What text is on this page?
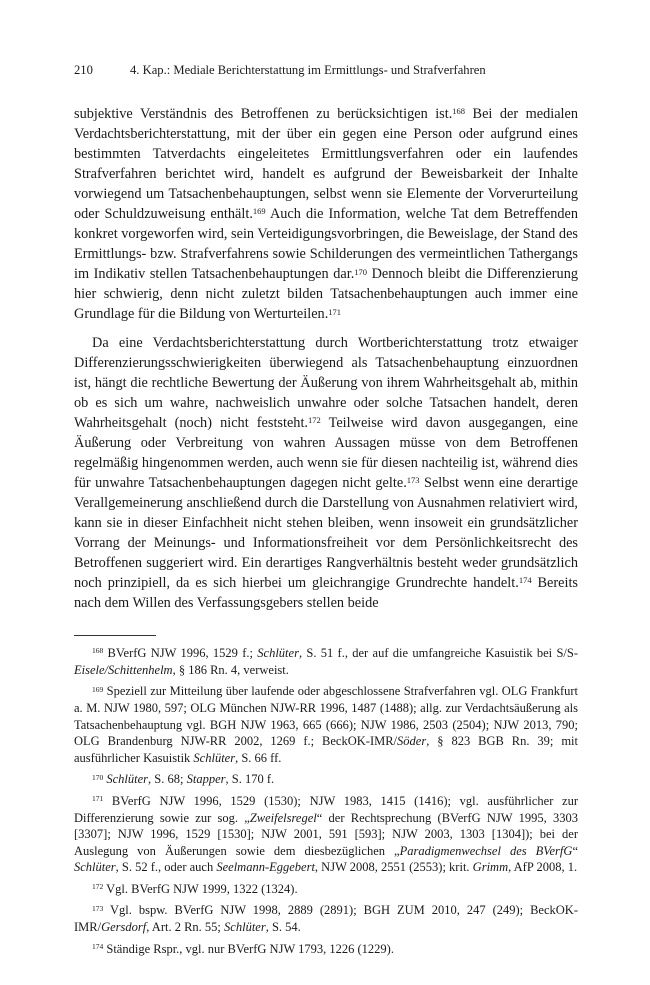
210	4. Kap.: Mediale Berichterstattung im Ermittlungs- und Strafverfahren

subjektive Verständnis des Betroffenen zu berücksichtigen ist.$^{168}$ Bei der medialen Verdachtsberichterstattung, mit der über ein gegen eine Person oder aufgrund eines bestimmten Tatverdachts eingeleitetes Ermittlungsverfahren oder ein laufendes Strafverfahren berichtet wird, handelt es aufgrund der Beweisbarkeit der Inhalte vorwiegend um Tatsachenbehauptungen, selbst wenn sie Elemente der Vorverurteilung oder Schuldzuweisung enthält.$^{169}$ Auch die Information, welche Tat dem Betreffenden konkret vorgeworfen wird, sein Verteidigungsvorbringen, die Beweislage, der Stand des Ermittlungs- bzw. Strafverfahrens sowie Schilderungen des vermeintlichen Tathergangs im Indikativ stellen Tatsachenbehauptungen dar.$^{170}$ Dennoch bleibt die Differenzierung hier schwierig, denn nicht zuletzt bilden Tatsachenbehauptungen auch immer eine Grundlage für die Bildung von Werturteilen.$^{171}$

Da eine Verdachtsberichterstattung durch Wortberichterstattung trotz etwaiger Differenzierungsschwierigkeiten überwiegend als Tatsachenbehauptung einzuordnen ist, hängt die rechtliche Bewertung der Äußerung von ihrem Wahrheitsgehalt ab, mithin ob es sich um wahre, nachweislich unwahre oder solche Tatsachen handelt, deren Wahrheitsgehalt (noch) nicht feststeht.$^{172}$ Teilweise wird davon ausgegangen, eine Äußerung oder Verbreitung von wahren Aussagen müsse von dem Betroffenen regelmäßig hingenommen werden, auch wenn sie für diesen nachteilig ist, während dies für unwahre Tatsachenbehauptungen dagegen nicht gelte.$^{173}$ Selbst wenn eine derartige Verallgemeinerung anschließend durch die Darstellung von Ausnahmen relativiert wird, kann sie in dieser Einfachheit nicht stehen bleiben, wenn insoweit ein grundsätzlicher Vorrang der Meinungs- und Informationsfreiheit vor dem Persönlichkeitsrecht des Betroffenen suggeriert wird. Ein derartiges Rangverhältnis besteht weder grundsätzlich noch prinzipiell, da es sich hierbei um gleichrangige Grundrechte handelt.$^{174}$ Bereits nach dem Willen des Verfassungsgebers stellen beide

$^{168}$ BVerfG NJW 1996, 1529 f.; Schlüter, S. 51 f., der auf die umfangreiche Kasuistik bei S/S-Eisele/Schittenhelm, § 186 Rn. 4, verweist.

$^{169}$ Speziell zur Mitteilung über laufende oder abgeschlossene Strafverfahren vgl. OLG Frankfurt a. M. NJW 1980, 597; OLG München NJW-RR 1996, 1487 (1488); allg. zur Verdachtsäußerung als Tatsachenbehauptung vgl. BGH NJW 1963, 665 (666); NJW 1986, 2503 (2504); NJW 2013, 790; OLG Brandenburg NJW-RR 2002, 1269 f.; BeckOK-IMR/Söder, § 823 BGB Rn. 39; mit ausführlicher Kasuistik Schlüter, S. 66 ff.

$^{170}$ Schlüter, S. 68; Stapper, S. 170 f.

$^{171}$ BVerfG NJW 1996, 1529 (1530); NJW 1983, 1415 (1416); vgl. ausführlicher zur Differenzierung sowie zur sog. „Zweifelsregel“ der Rechtsprechung (BVerfG NJW 1995, 3303 [3307]; NJW 1996, 1529 [1530]; NJW 2001, 591 [593]; NJW 2003, 1303 [1304]); bei der Auslegung von Äußerungen sowie dem diesbezüglichen „Paradigmenwechsel des BVerfG“ Schlüter, S. 52 f., oder auch Seelmann-Eggebert, NJW 2008, 2551 (2553); krit. Grimm, AfP 2008, 1.

$^{172}$ Vgl. BVerfG NJW 1999, 1322 (1324).

$^{173}$ Vgl. bspw. BVerfG NJW 1998, 2889 (2891); BGH ZUM 2010, 247 (249); BeckOK-IMR/Gersdorf, Art. 2 Rn. 55; Schlüter, S. 54.

$^{174}$ Ständige Rspr., vgl. nur BVerfG NJW 1793, 1226 (1229).
